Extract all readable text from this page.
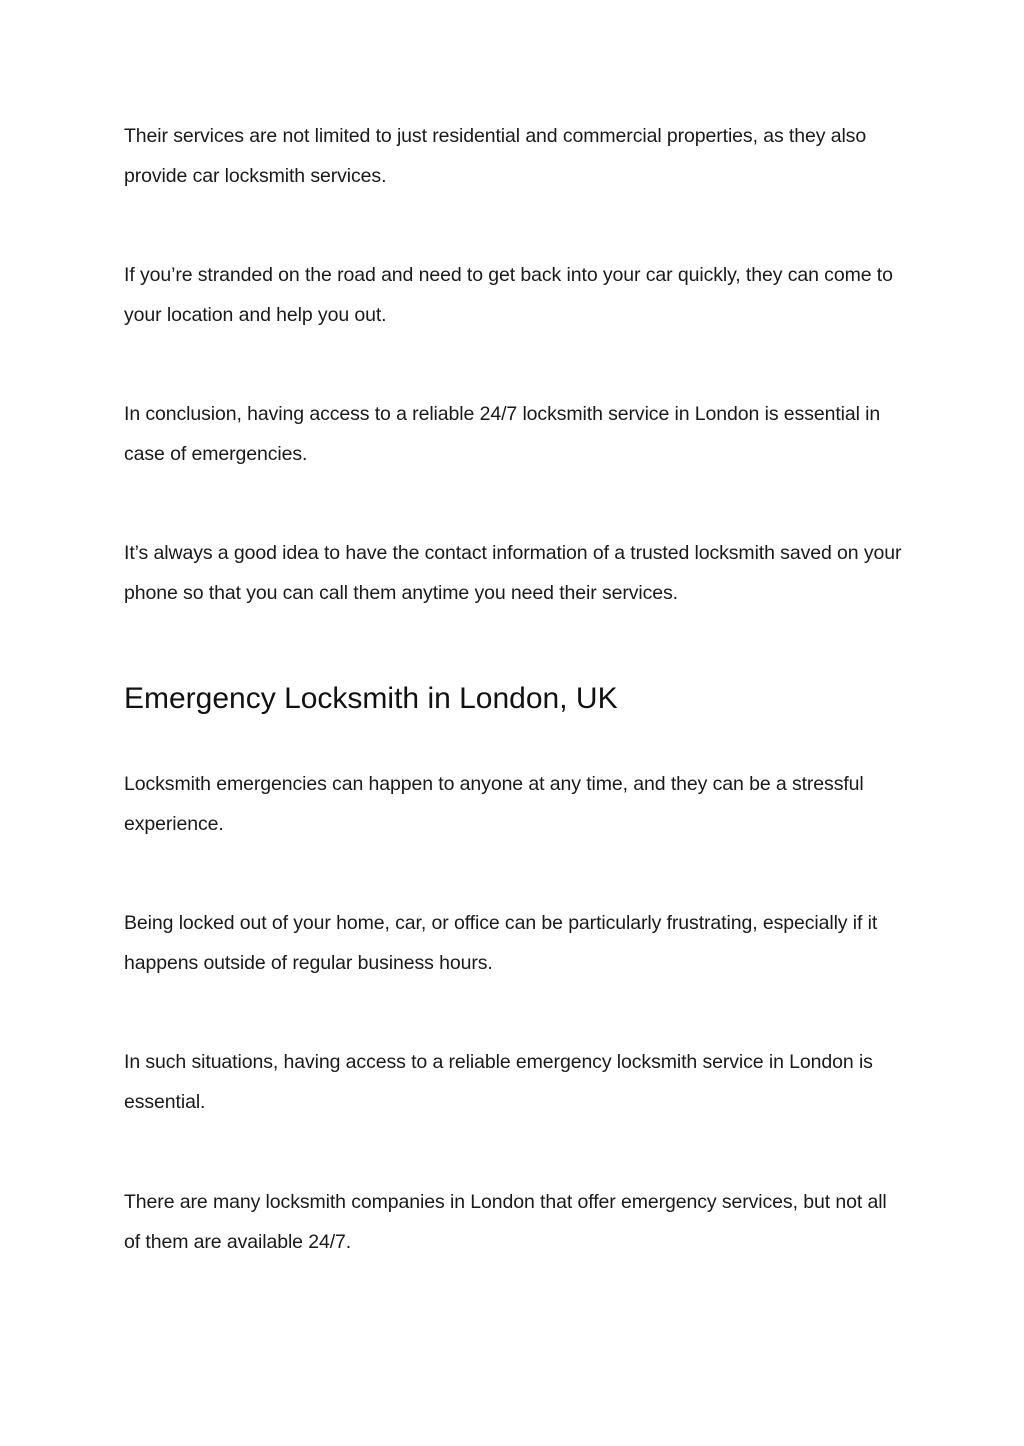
Their services are not limited to just residential and commercial properties, as they also provide car locksmith services.

If you’re stranded on the road and need to get back into your car quickly, they can come to your location and help you out.

In conclusion, having access to a reliable 24/7 locksmith service in London is essential in case of emergencies.

It’s always a good idea to have the contact information of a trusted locksmith saved on your phone so that you can call them anytime you need their services.

Emergency Locksmith in London, UK

Locksmith emergencies can happen to anyone at any time, and they can be a stressful experience.

Being locked out of your home, car, or office can be particularly frustrating, especially if it happens outside of regular business hours.

In such situations, having access to a reliable emergency locksmith service in London is essential.

There are many locksmith companies in London that offer emergency services, but not all of them are available 24/7.
